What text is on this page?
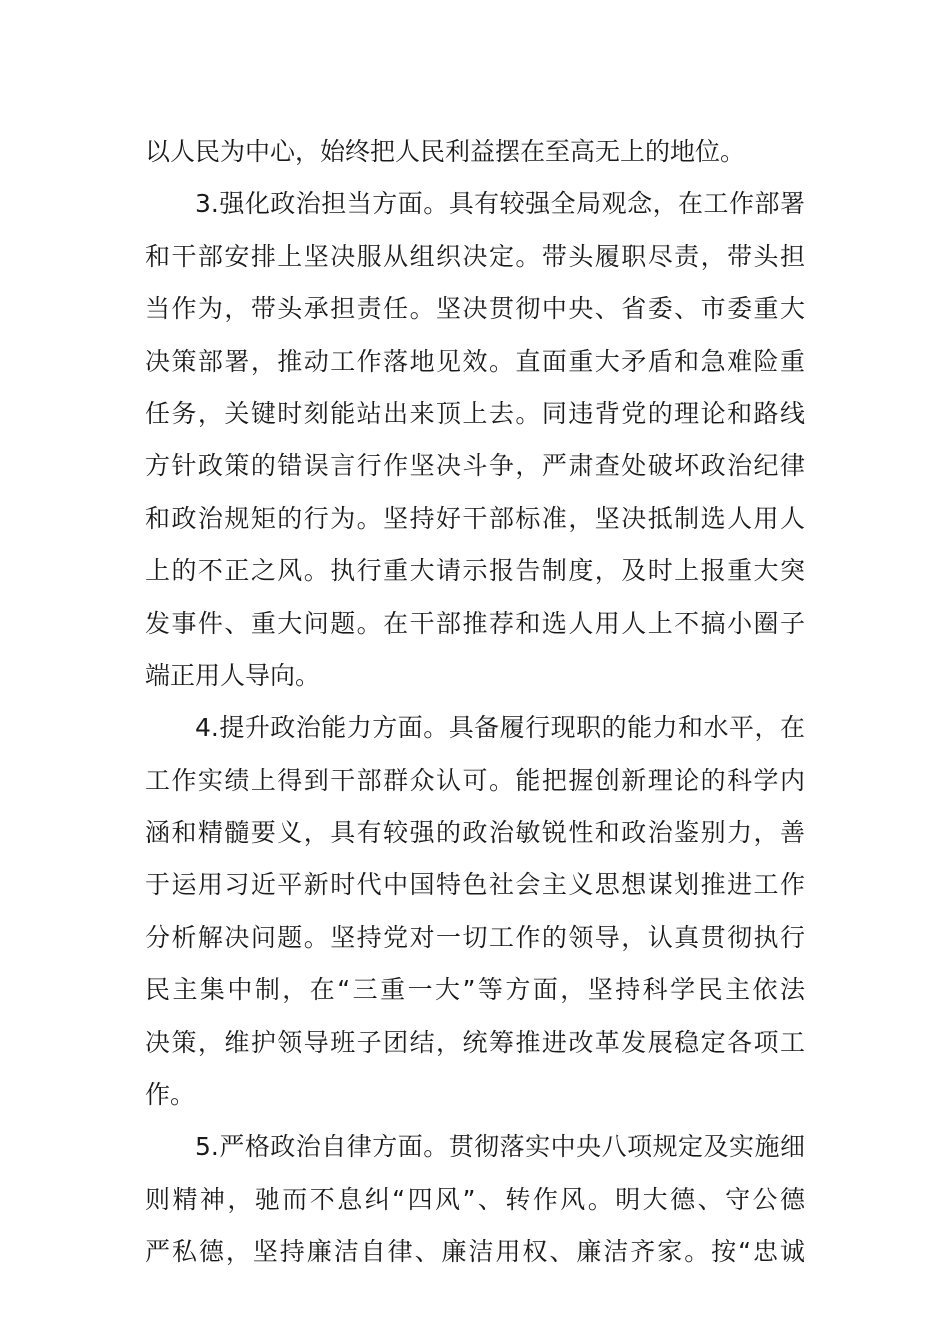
以人民为中心，始终把人民利益摆在至高无上的地位。
3.强化政治担当方面。具有较强全局观念，在工作部署
和干部安排上坚决服从组织决定。带头履职尽责，带头担
当作为，带头承担责任。坚决贯彻中央、省委、市委重大
决策部署，推动工作落地见效。直面重大矛盾和急难险重
任务，关键时刻能站出来顶上去。同违背党的理论和路线
方针政策的错误言行作坚决斗争，严肃查处破坏政治纪律
和政治规矩的行为。坚持好干部标准，坚决抵制选人用人
上的不正之风。执行重大请示报告制度，及时上报重大突
发事件、重大问题。在干部推荐和选人用人上不搞小圈子
端正用人导向。
4.提升政治能力方面。具备履行现职的能力和水平，在
工作实绩上得到干部群众认可。能把握创新理论的科学内
涵和精髓要义，具有较强的政治敏锐性和政治鉴别力，善
于运用习近平新时代中国特色社会主义思想谋划推进工作
分析解决问题。坚持党对一切工作的领导，认真贯彻执行
民主集中制，在“三重一大”等方面，坚持科学民主依法
决策，维护领导班子团结，统筹推进改革发展稳定各项工
作。
5.严格政治自律方面。贯彻落实中央八项规定及实施细
则精神，驰而不息纠“四风”、转作风。明大德、守公德
严私德，坚持廉洁自律、廉洁用权、廉洁齐家。按“忠诚
